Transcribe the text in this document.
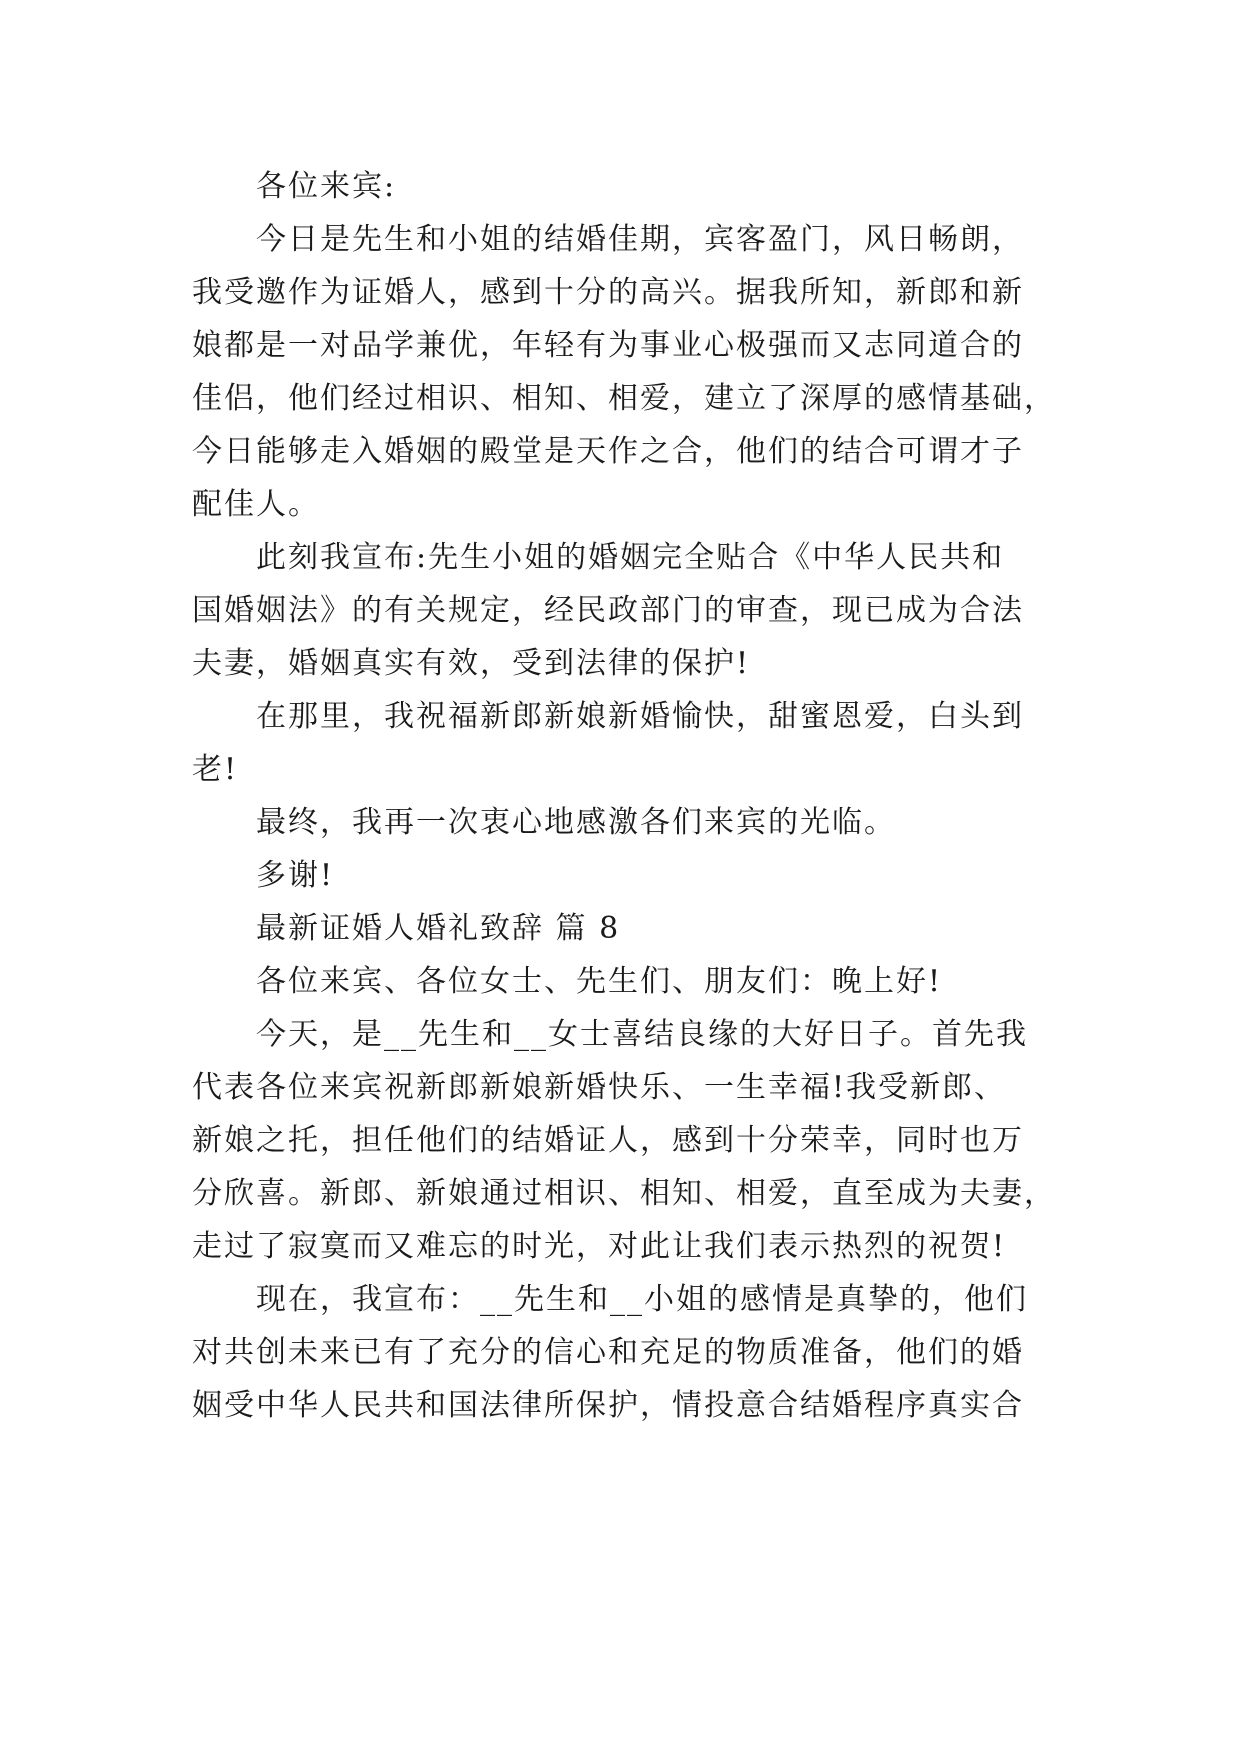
各位来宾:
今日是先生和小姐的结婚佳期，宾客盈门，风日畅朗，
我受邀作为证婚人，感到十分的高兴。据我所知，新郎和新
娘都是一对品学兼优，年轻有为事业心极强而又志同道合的
佳侣，他们经过相识、相知、相爱，建立了深厚的感情基础，
今日能够走入婚姻的殿堂是天作之合，他们的结合可谓才子
配佳人。
此刻我宣布:先生小姐的婚姻完全贴合《中华人民共和
国婚姻法》的有关规定，经民政部门的审查，现已成为合法
夫妻，婚姻真实有效，受到法律的保护!
在那里，我祝福新郎新娘新婚愉快，甜蜜恩爱，白头到
老!
最终，我再一次衷心地感激各们来宾的光临。
多谢!
最新证婚人婚礼致辞 篇 8
各位来宾、各位女士、先生们、朋友们：晚上好!
今天，是__先生和__女士喜结良缘的大好日子。首先我
代表各位来宾祝新郎新娘新婚快乐、一生幸福!我受新郎、
新娘之托，担任他们的结婚证人，感到十分荣幸，同时也万
分欣喜。新郎、新娘通过相识、相知、相爱，直至成为夫妻，
走过了寂寞而又难忘的时光，对此让我们表示热烈的祝贺!
现在，我宣布：__先生和__小姐的感情是真挚的，他们
对共创未来已有了充分的信心和充足的物质准备，他们的婚
姻受中华人民共和国法律所保护，情投意合结婚程序真实合
